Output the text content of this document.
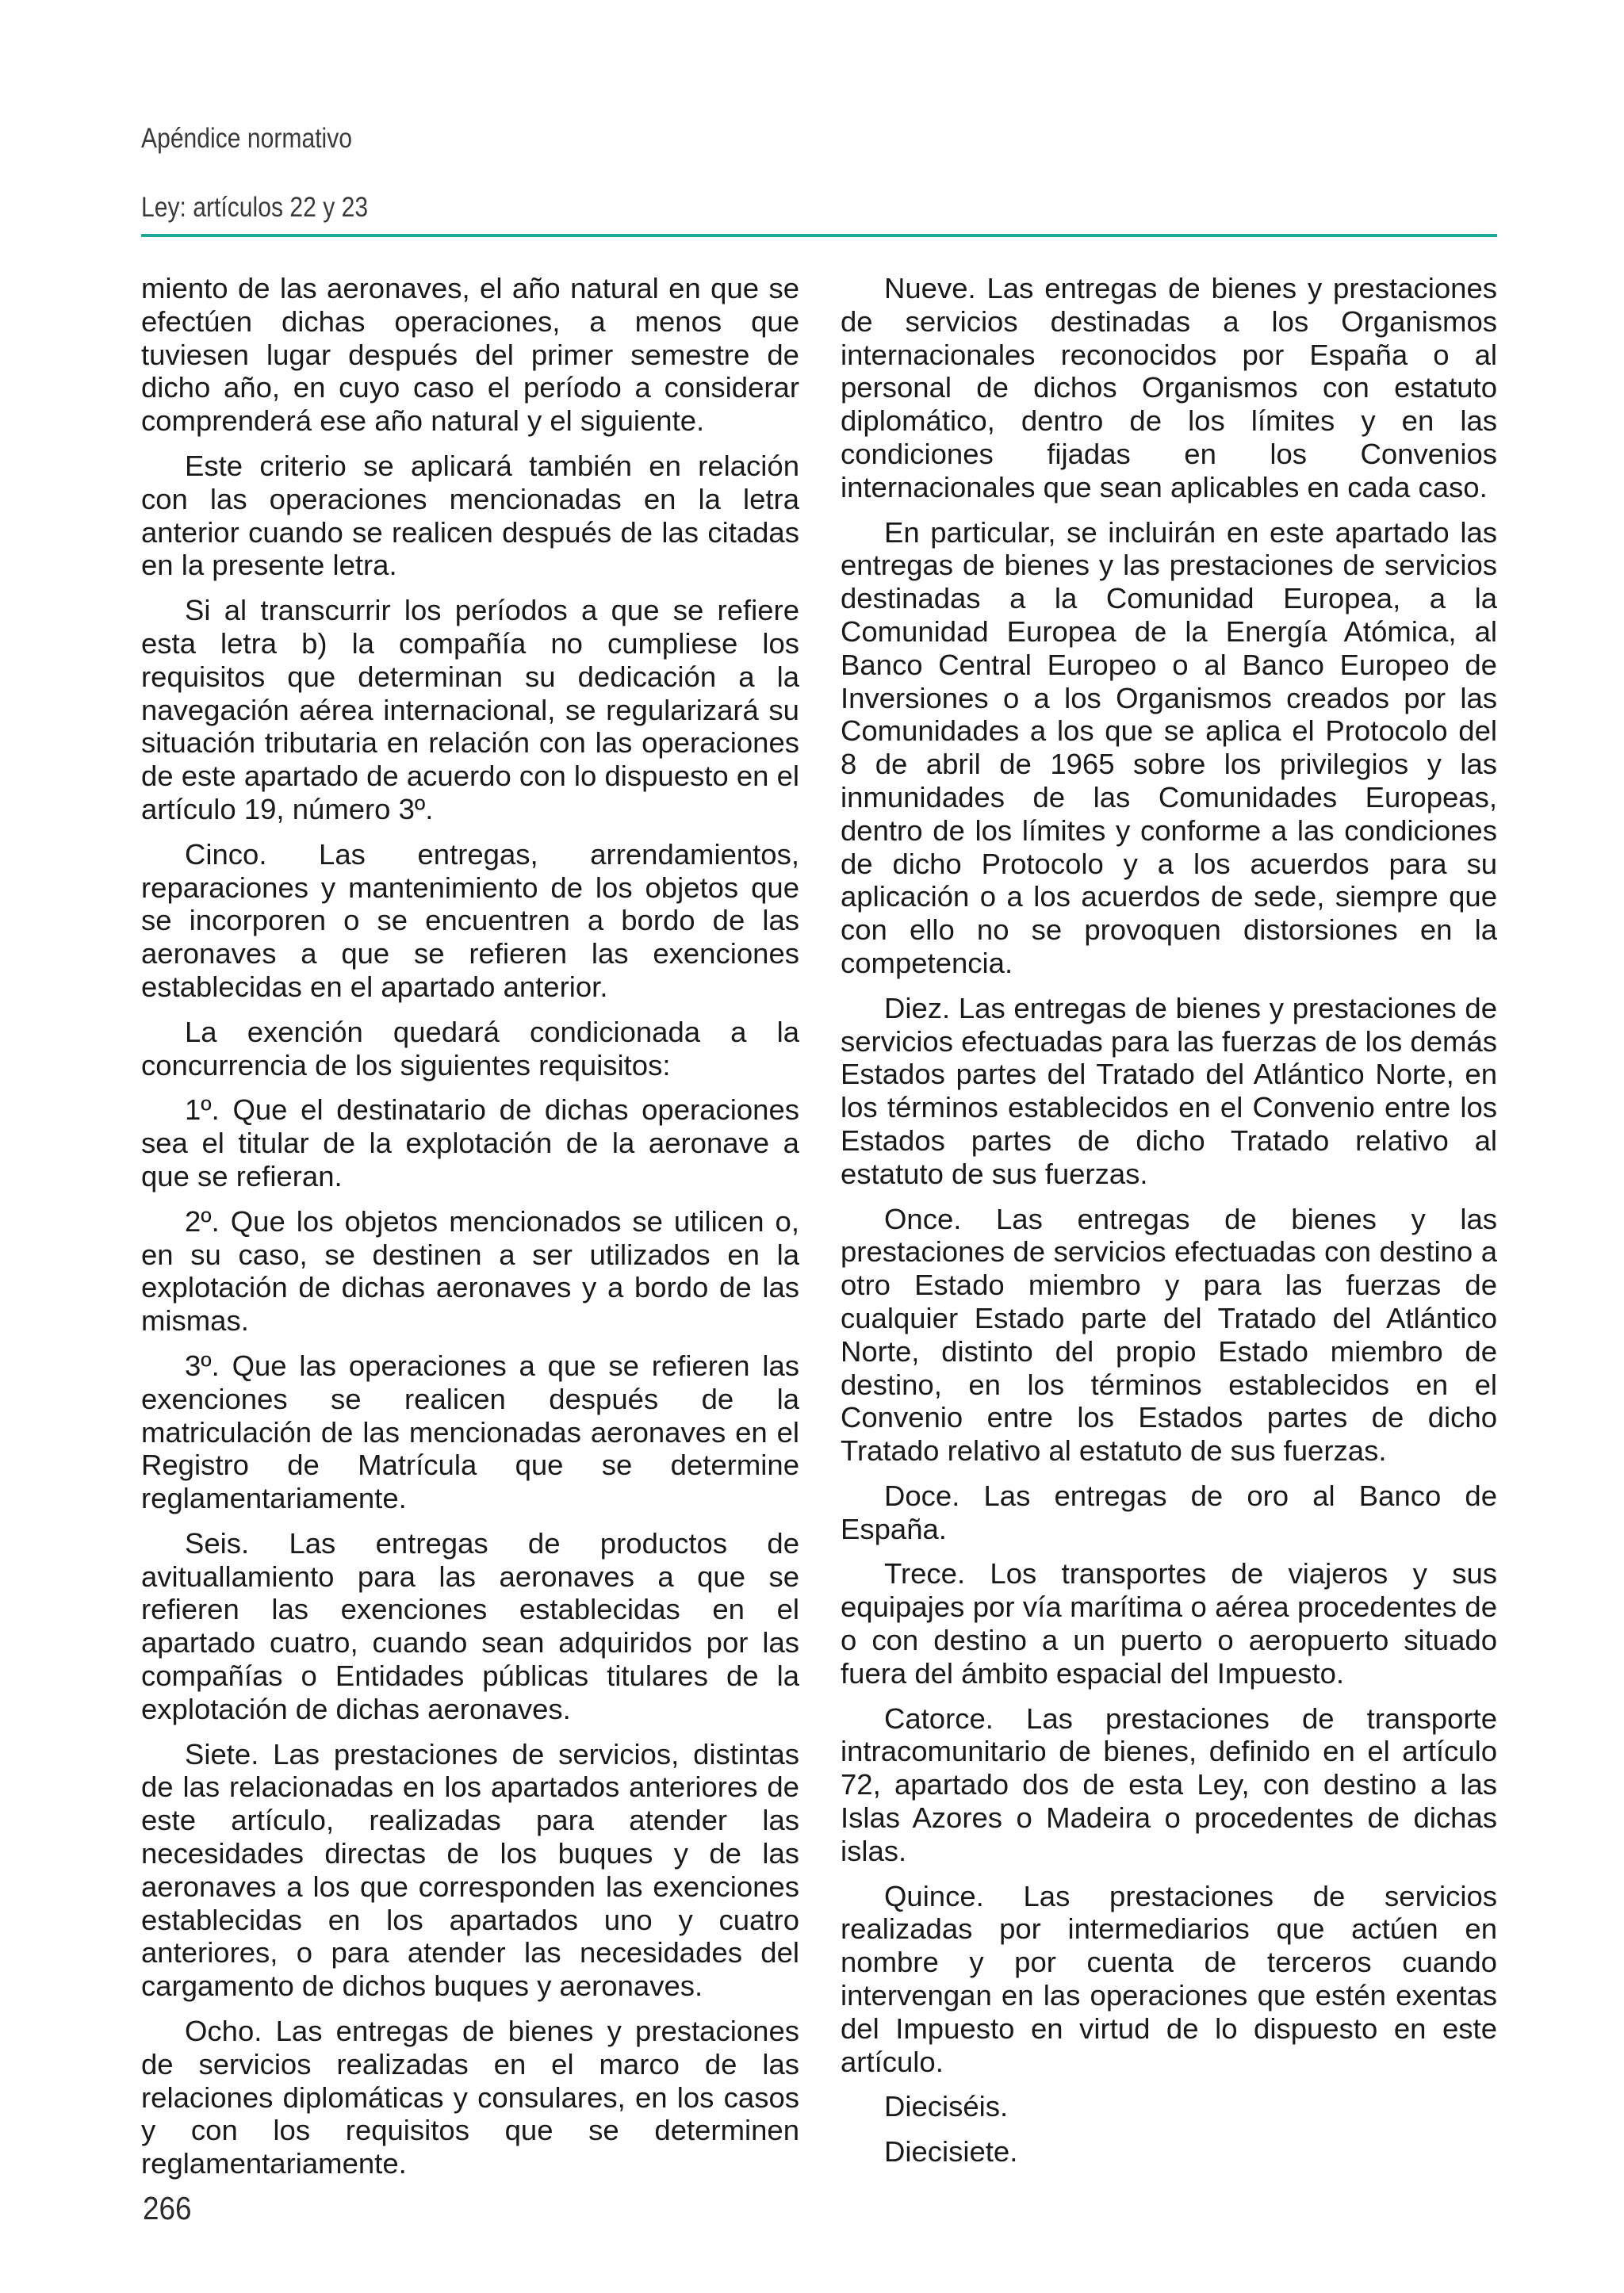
Apéndice normativo
Ley: artículos 22 y 23

miento de las aeronaves, el año natural en que se efectúen dichas operaciones, a menos que tuviesen lugar después del primer semestre de dicho año, en cuyo caso el período a considerar comprenderá ese año natural y el siguiente.

Este criterio se aplicará también en relación con las operaciones mencionadas en la letra anterior cuando se realicen después de las citadas en la presente letra.

Si al transcurrir los períodos a que se refiere esta letra b) la compañía no cumpliese los requisitos que determinan su dedicación a la navegación aérea internacional, se regularizará su situación tributaria en relación con las operaciones de este apartado de acuerdo con lo dispuesto en el artículo 19, número 3º.

Cinco. Las entregas, arrendamientos, reparaciones y mantenimiento de los objetos que se incorporen o se encuentren a bordo de las aeronaves a que se refieren las exenciones establecidas en el apartado anterior.

La exención quedará condicionada a la concurrencia de los siguientes requisitos:

1º. Que el destinatario de dichas operaciones sea el titular de la explotación de la aeronave a que se refieran.

2º. Que los objetos mencionados se utilicen o, en su caso, se destinen a ser utilizados en la explotación de dichas aeronaves y a bordo de las mismas.

3º. Que las operaciones a que se refieren las exenciones se realicen después de la matriculación de las mencionadas aeronaves en el Registro de Matrícula que se determine reglamentariamente.

Seis. Las entregas de productos de avituallamiento para las aeronaves a que se refieren las exenciones establecidas en el apartado cuatro, cuando sean adquiridos por las compañías o Entidades públicas titulares de la explotación de dichas aeronaves.

Siete. Las prestaciones de servicios, distintas de las relacionadas en los apartados anteriores de este artículo, realizadas para atender las necesidades directas de los buques y de las aeronaves a los que corresponden las exenciones establecidas en los apartados uno y cuatro anteriores, o para atender las necesidades del cargamento de dichos buques y aeronaves.

Ocho. Las entregas de bienes y prestaciones de servicios realizadas en el marco de las relaciones diplomáticas y consulares, en los casos y con los requisitos que se determinen reglamentariamente.

Nueve. Las entregas de bienes y prestaciones de servicios destinadas a los Organismos internacionales reconocidos por España o al personal de dichos Organismos con estatuto diplomático, dentro de los límites y en las condiciones fijadas en los Convenios internacionales que sean aplicables en cada caso.

En particular, se incluirán en este apartado las entregas de bienes y las prestaciones de servicios destinadas a la Comunidad Europea, a la Comunidad Europea de la Energía Atómica, al Banco Central Europeo o al Banco Europeo de Inversiones o a los Organismos creados por las Comunidades a los que se aplica el Protocolo del 8 de abril de 1965 sobre los privilegios y las inmunidades de las Comunidades Europeas, dentro de los límites y conforme a las condiciones de dicho Protocolo y a los acuerdos para su aplicación o a los acuerdos de sede, siempre que con ello no se provoquen distorsiones en la competencia.

Diez. Las entregas de bienes y prestaciones de servicios efectuadas para las fuerzas de los demás Estados partes del Tratado del Atlántico Norte, en los términos establecidos en el Convenio entre los Estados partes de dicho Tratado relativo al estatuto de sus fuerzas.

Once. Las entregas de bienes y las prestaciones de servicios efectuadas con destino a otro Estado miembro y para las fuerzas de cualquier Estado parte del Tratado del Atlántico Norte, distinto del propio Estado miembro de destino, en los términos establecidos en el Convenio entre los Estados partes de dicho Tratado relativo al estatuto de sus fuerzas.

Doce. Las entregas de oro al Banco de España.

Trece. Los transportes de viajeros y sus equipajes por vía marítima o aérea procedentes de o con destino a un puerto o aeropuerto situado fuera del ámbito espacial del Impuesto.

Catorce. Las prestaciones de transporte intracomunitario de bienes, definido en el artículo 72, apartado dos de esta Ley, con destino a las Islas Azores o Madeira o procedentes de dichas islas.

Quince. Las prestaciones de servicios realizadas por intermediarios que actúen en nombre y por cuenta de terceros cuando intervengan en las operaciones que estén exentas del Impuesto en virtud de lo dispuesto en este artículo.

Dieciséis.

Diecisiete.

266
